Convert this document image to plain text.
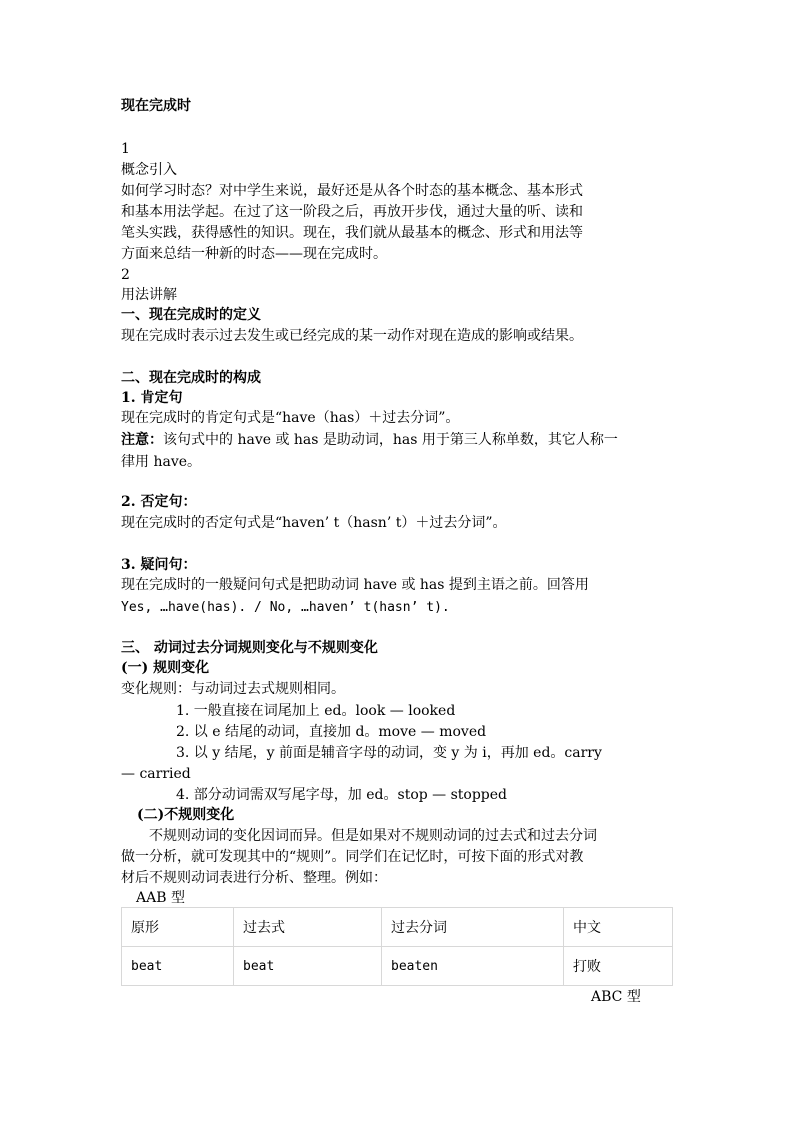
现在完成时
1
概念引入
如何学习时态？对中学生来说，最好还是从各个时态的基本概念、基本形式
和基本用法学起。在过了这一阶段之后，再放开步伐，通过大量的听、读和
笔头实践，获得感性的知识。现在，我们就从最基本的概念、形式和用法等
方面来总结一种新的时态——现在完成时。
2
用法讲解
一、现在完成时的定义
现在完成时表示过去发生或已经完成的某一动作对现在造成的影响或结果。
二、现在完成时的构成
1. 肯定句
现在完成时的肯定句式是“have（has）＋过去分词”。
注意：该句式中的 have 或 has 是助动词，has 用于第三人称单数，其它人称一
律用 have。
2. 否定句：
现在完成时的否定句式是“haven’ t（hasn’ t）＋过去分词”。
3. 疑问句：
现在完成时的一般疑问句式是把助动词 have 或 has 提到主语之前。回答用
Yes, …have(has). / No, …haven’ t(hasn’ t).
三、 动词过去分词规则变化与不规则变化
(一) 规则变化
变化规则：与动词过去式规则相同。
1. 一般直接在词尾加上 ed。look — looked
2. 以 e 结尾的动词，直接加 d。move — moved
3. 以 y 结尾，y 前面是辅音字母的动词，变 y 为 i，再加 ed。carry
— carried
4. 部分动词需双写尾字母，加 ed。stop — stopped
(二)不规则变化
不规则动词的变化因词而异。但是如果对不规则动词的过去式和过去分词
做一分析，就可发现其中的“规则”。同学们在记忆时，可按下面的形式对教
材后不规则动词表进行分析、整理。例如：
AAB 型
原形	过去式	过去分词	中文
beat	beat	beaten	打败
ABC 型
